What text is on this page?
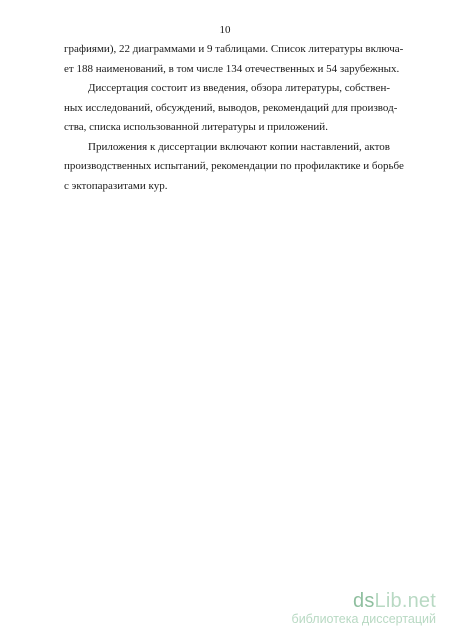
10
графиями), 22 диаграммами и 9 таблицами. Список литературы включа-
ет 188 наименований, в том числе 134 отечественных и 54 зарубежных.
Диссертация состоит из введения, обзора литературы, собствен-
ных исследований, обсуждений, выводов, рекомендаций для производ-
ства, списка использованной литературы и приложений.
Приложения к диссертации включают копии наставлений, актов
производственных испытаний, рекомендации по профилактике и борьбе
с эктопаразитами кур.
dsLib.net
библиотека диссертаций
